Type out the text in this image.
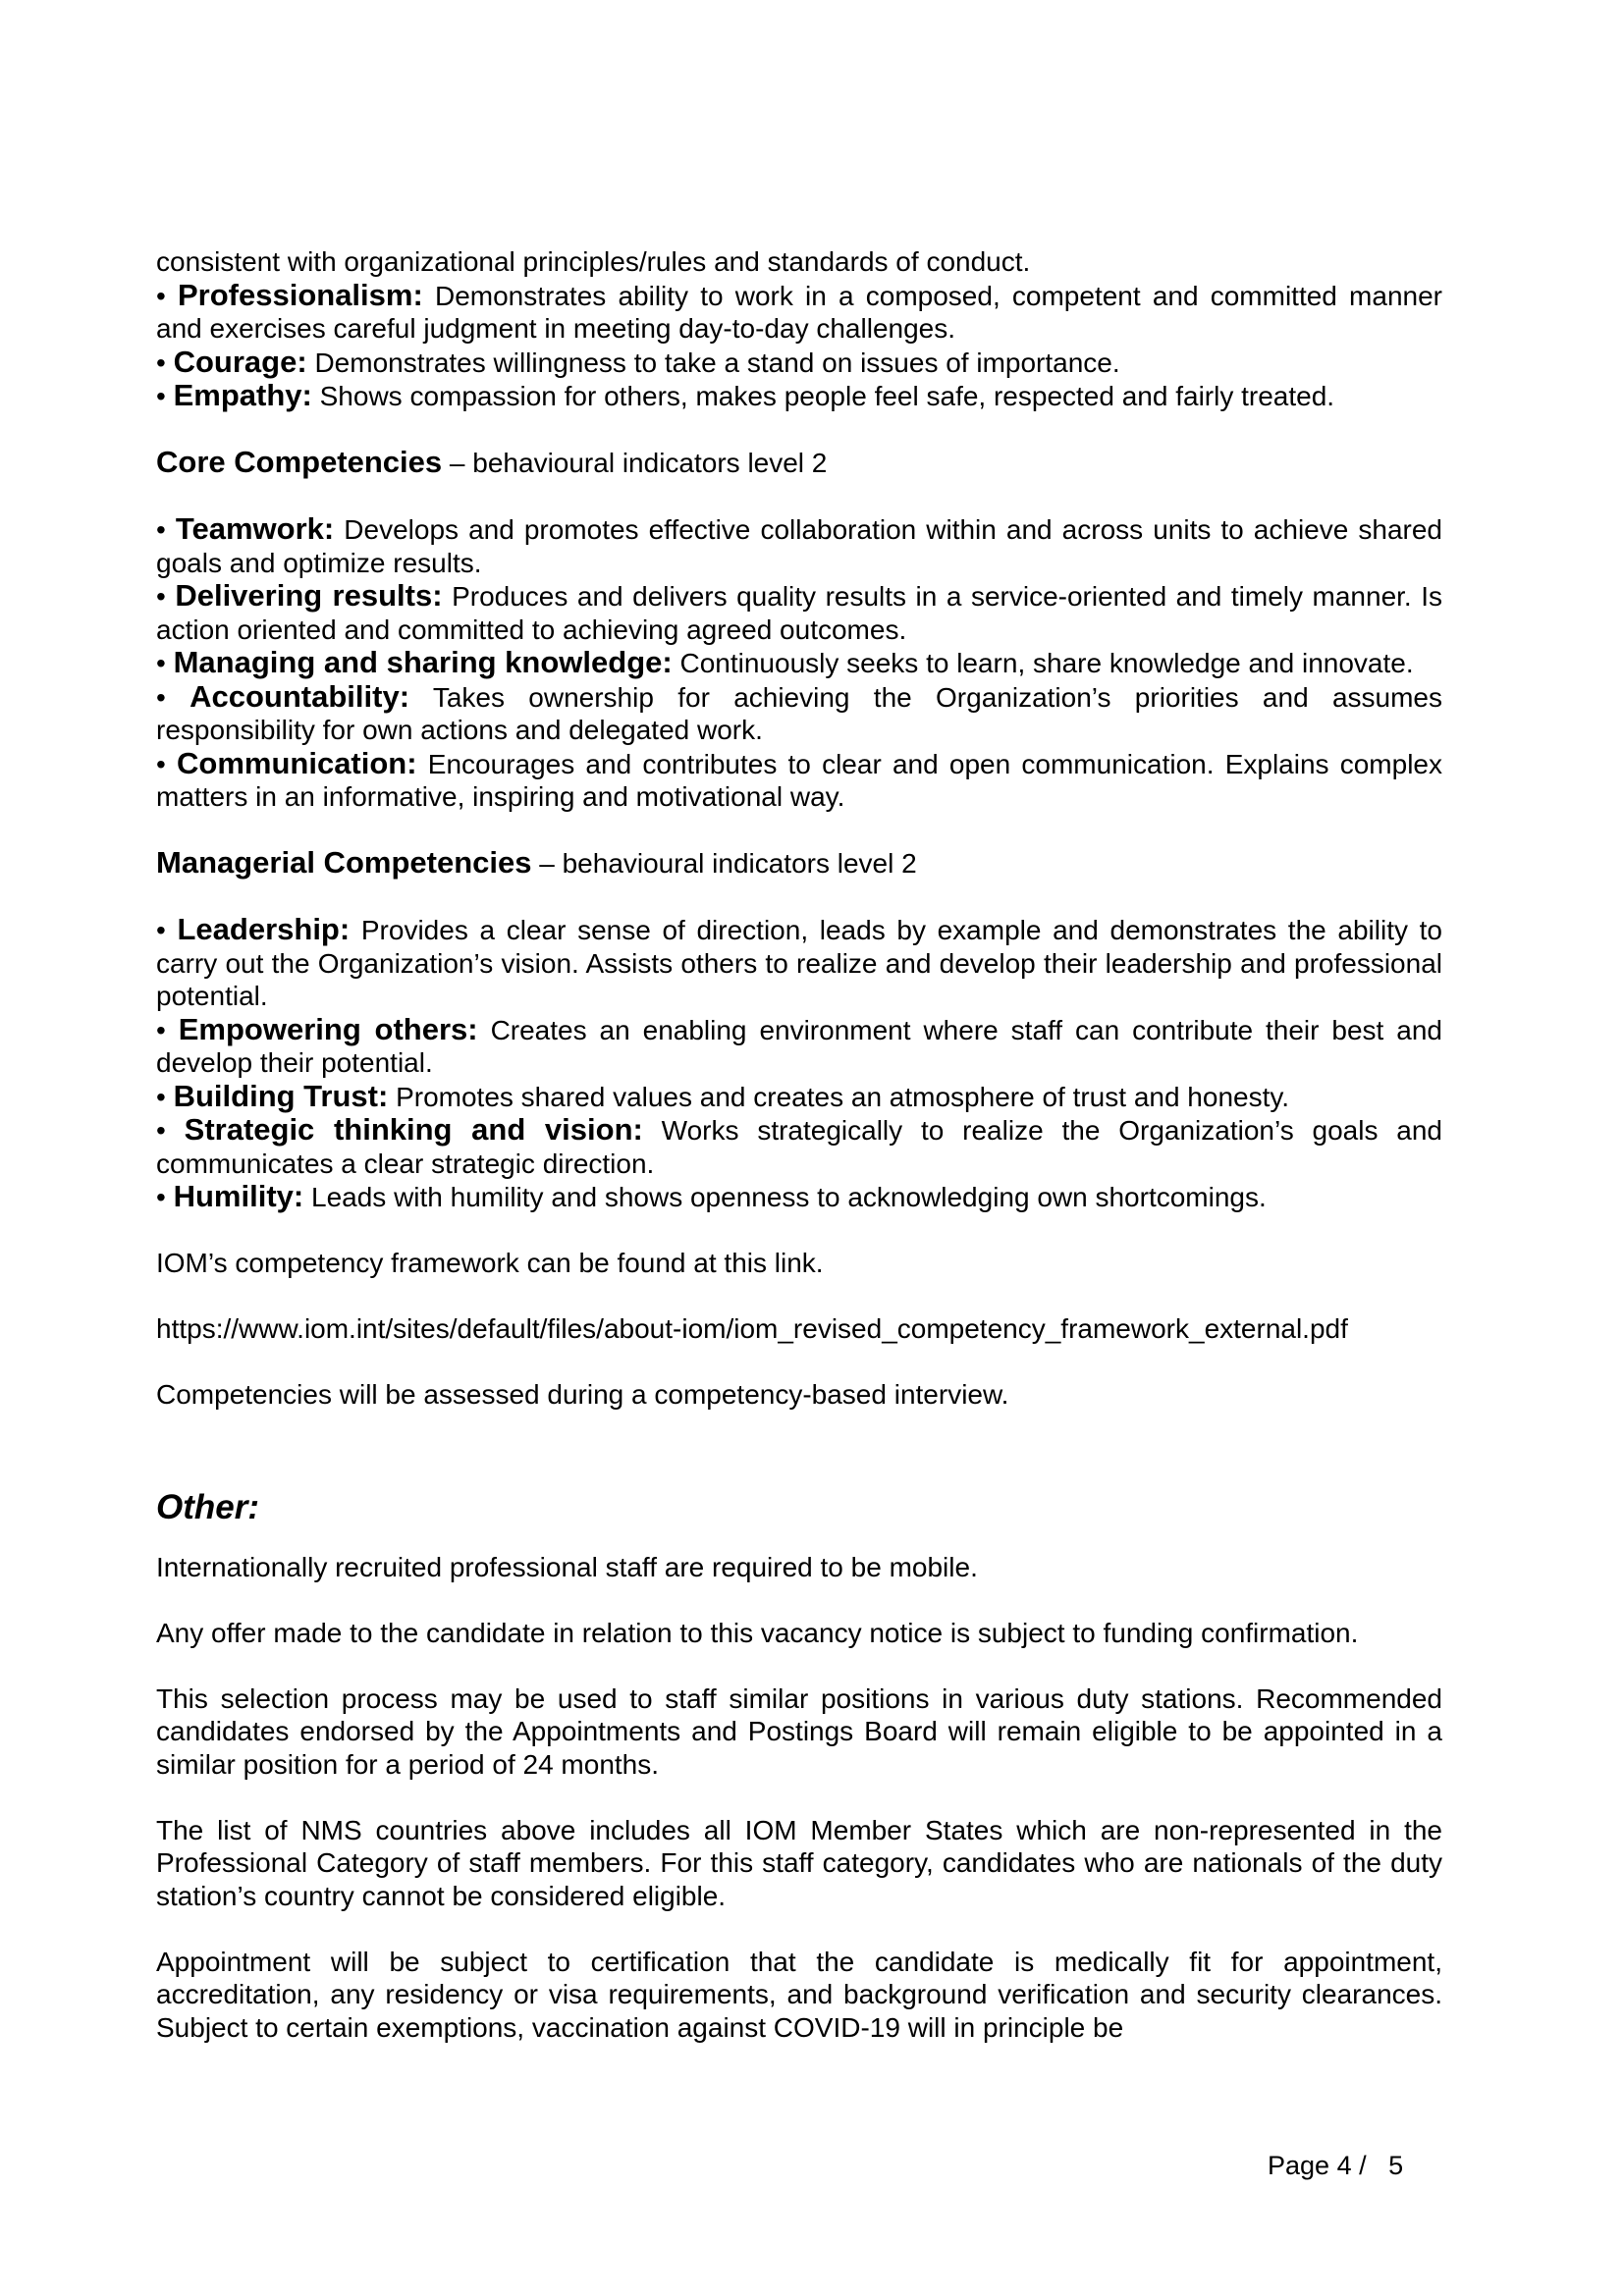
consistent with organizational principles/rules and standards of conduct.

• Professionalism: Demonstrates ability to work in a composed, competent and committed manner and exercises careful judgment in meeting day-to-day challenges.

• Courage: Demonstrates willingness to take a stand on issues of importance.

• Empathy: Shows compassion for others, makes people feel safe, respected and fairly treated.

Core Competencies – behavioural indicators level 2

• Teamwork: Develops and promotes effective collaboration within and across units to achieve shared goals and optimize results.

• Delivering results: Produces and delivers quality results in a service-oriented and timely manner. Is action oriented and committed to achieving agreed outcomes.

• Managing and sharing knowledge: Continuously seeks to learn, share knowledge and innovate.

• Accountability: Takes ownership for achieving the Organization’s priorities and assumes responsibility for own actions and delegated work.

• Communication: Encourages and contributes to clear and open communication. Explains complex matters in an informative, inspiring and motivational way.

Managerial Competencies – behavioural indicators level 2

• Leadership: Provides a clear sense of direction, leads by example and demonstrates the ability to carry out the Organization’s vision. Assists others to realize and develop their leadership and professional potential.

• Empowering others: Creates an enabling environment where staff can contribute their best and develop their potential.

• Building Trust: Promotes shared values and creates an atmosphere of trust and honesty.

• Strategic thinking and vision: Works strategically to realize the Organization’s goals and communicates a clear strategic direction.

• Humility: Leads with humility and shows openness to acknowledging own shortcomings.

IOM’s competency framework can be found at this link.

https://www.iom.int/sites/default/files/about-iom/iom_revised_competency_framework_external.pdf

Competencies will be assessed during a competency-based interview.

Other:

Internationally recruited professional staff are required to be mobile.

Any offer made to the candidate in relation to this vacancy notice is subject to funding confirmation.

This selection process may be used to staff similar positions in various duty stations. Recommended candidates endorsed by the Appointments and Postings Board will remain eligible to be appointed in a similar position for a period of 24 months.

The list of NMS countries above includes all IOM Member States which are non-represented in the Professional Category of staff members. For this staff category, candidates who are nationals of the duty station’s country cannot be considered eligible.

Appointment will be subject to certification that the candidate is medically fit for appointment, accreditation, any residency or visa requirements, and background verification and security clearances. Subject to certain exemptions, vaccination against COVID-19 will in principle be

Page 4 / 5
